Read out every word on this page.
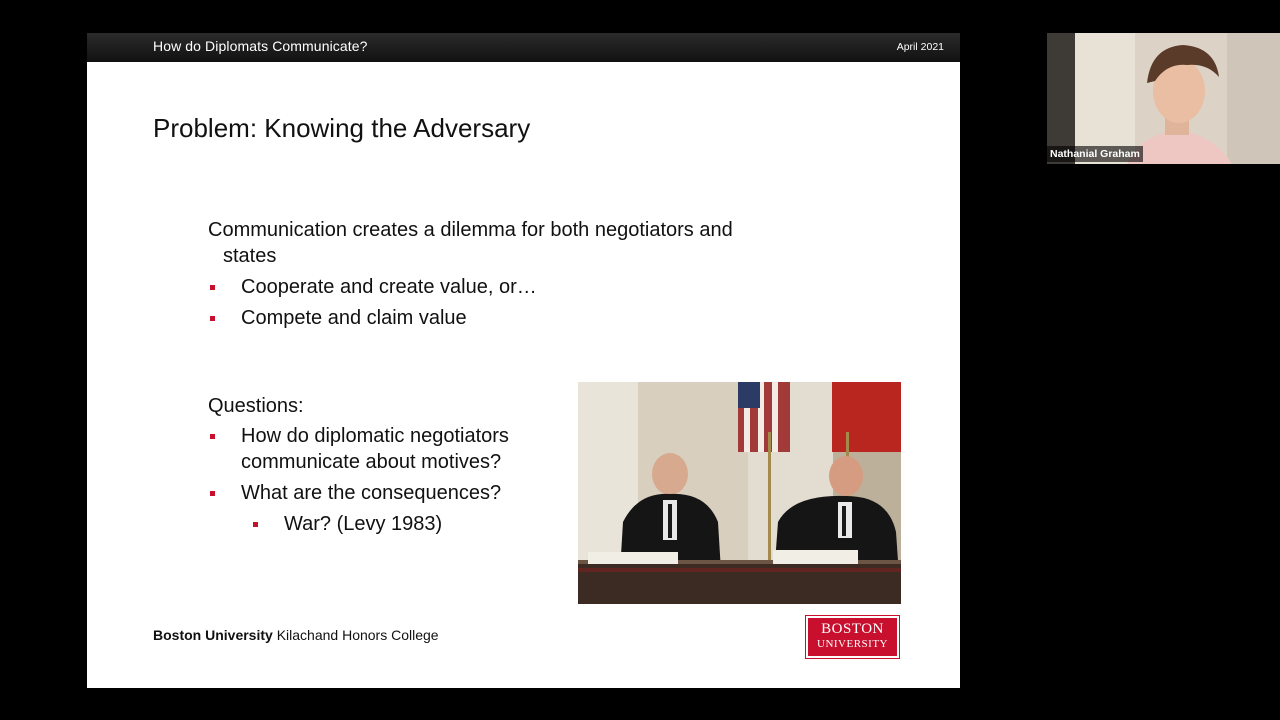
How do Diplomats Communicate?	April 2021
Problem: Knowing the Adversary
Communication creates a dilemma for both negotiators and
states
Cooperate and create value, or…
Compete and claim value
Questions:
How do diplomatic negotiators
communicate about motives?
What are the consequences?
War? (Levy 1983)
Boston University Kilachand Honors College	BOSTON
UNIVERSITY
Nathanial Graham
